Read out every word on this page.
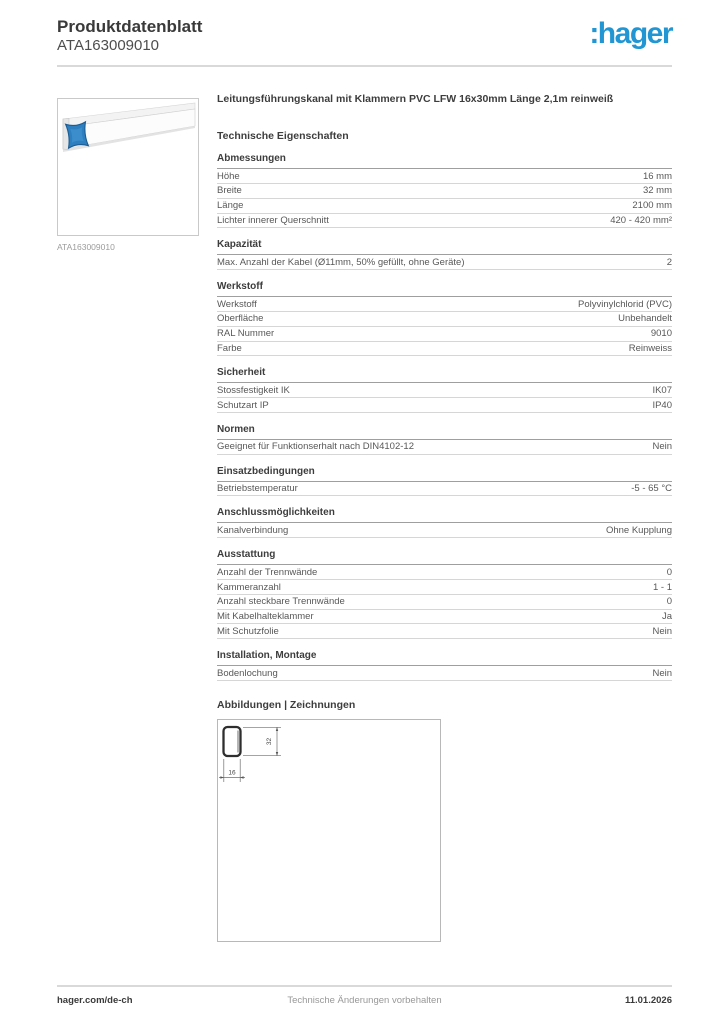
Produktdatenblatt
ATA163009010	:hager
ATA163009010
Leitungsführungskanal mit Klammern PVC LFW 16x30mm Länge 2,1m reinweiß
Technische Eigenschaften
Abmessungen
Höhe	16 mm
Breite	32 mm
Länge	2100 mm
Lichter innerer Querschnitt	420 - 420 mm²
Kapazität
Max. Anzahl der Kabel (Ø11mm, 50% gefüllt, ohne Geräte)	2
Werkstoff
Werkstoff	Polyvinylchlorid (PVC)
Oberfläche	Unbehandelt
RAL Nummer	9010
Farbe	Reinweiss
Sicherheit
Stossfestigkeit IK	IK07
Schutzart IP	IP40
Normen
Geeignet für Funktionserhalt nach DIN4102-12	Nein
Einsatzbedingungen
Betriebstemperatur	-5 - 65 °C
Anschlussmöglichkeiten
Kanalverbindung	Ohne Kupplung
Ausstattung
Anzahl der Trennwände	0
Kammeranzahl	1 - 1
Anzahl steckbare Trennwände	0
Mit Kabelhalteklammer	Ja
Mit Schutzfolie	Nein
Installation, Montage
Bodenlochung	Nein
Abbildungen | Zeichnungen
32
16
hager.com/de-ch	Technische Änderungen vorbehalten	11.01.2026
